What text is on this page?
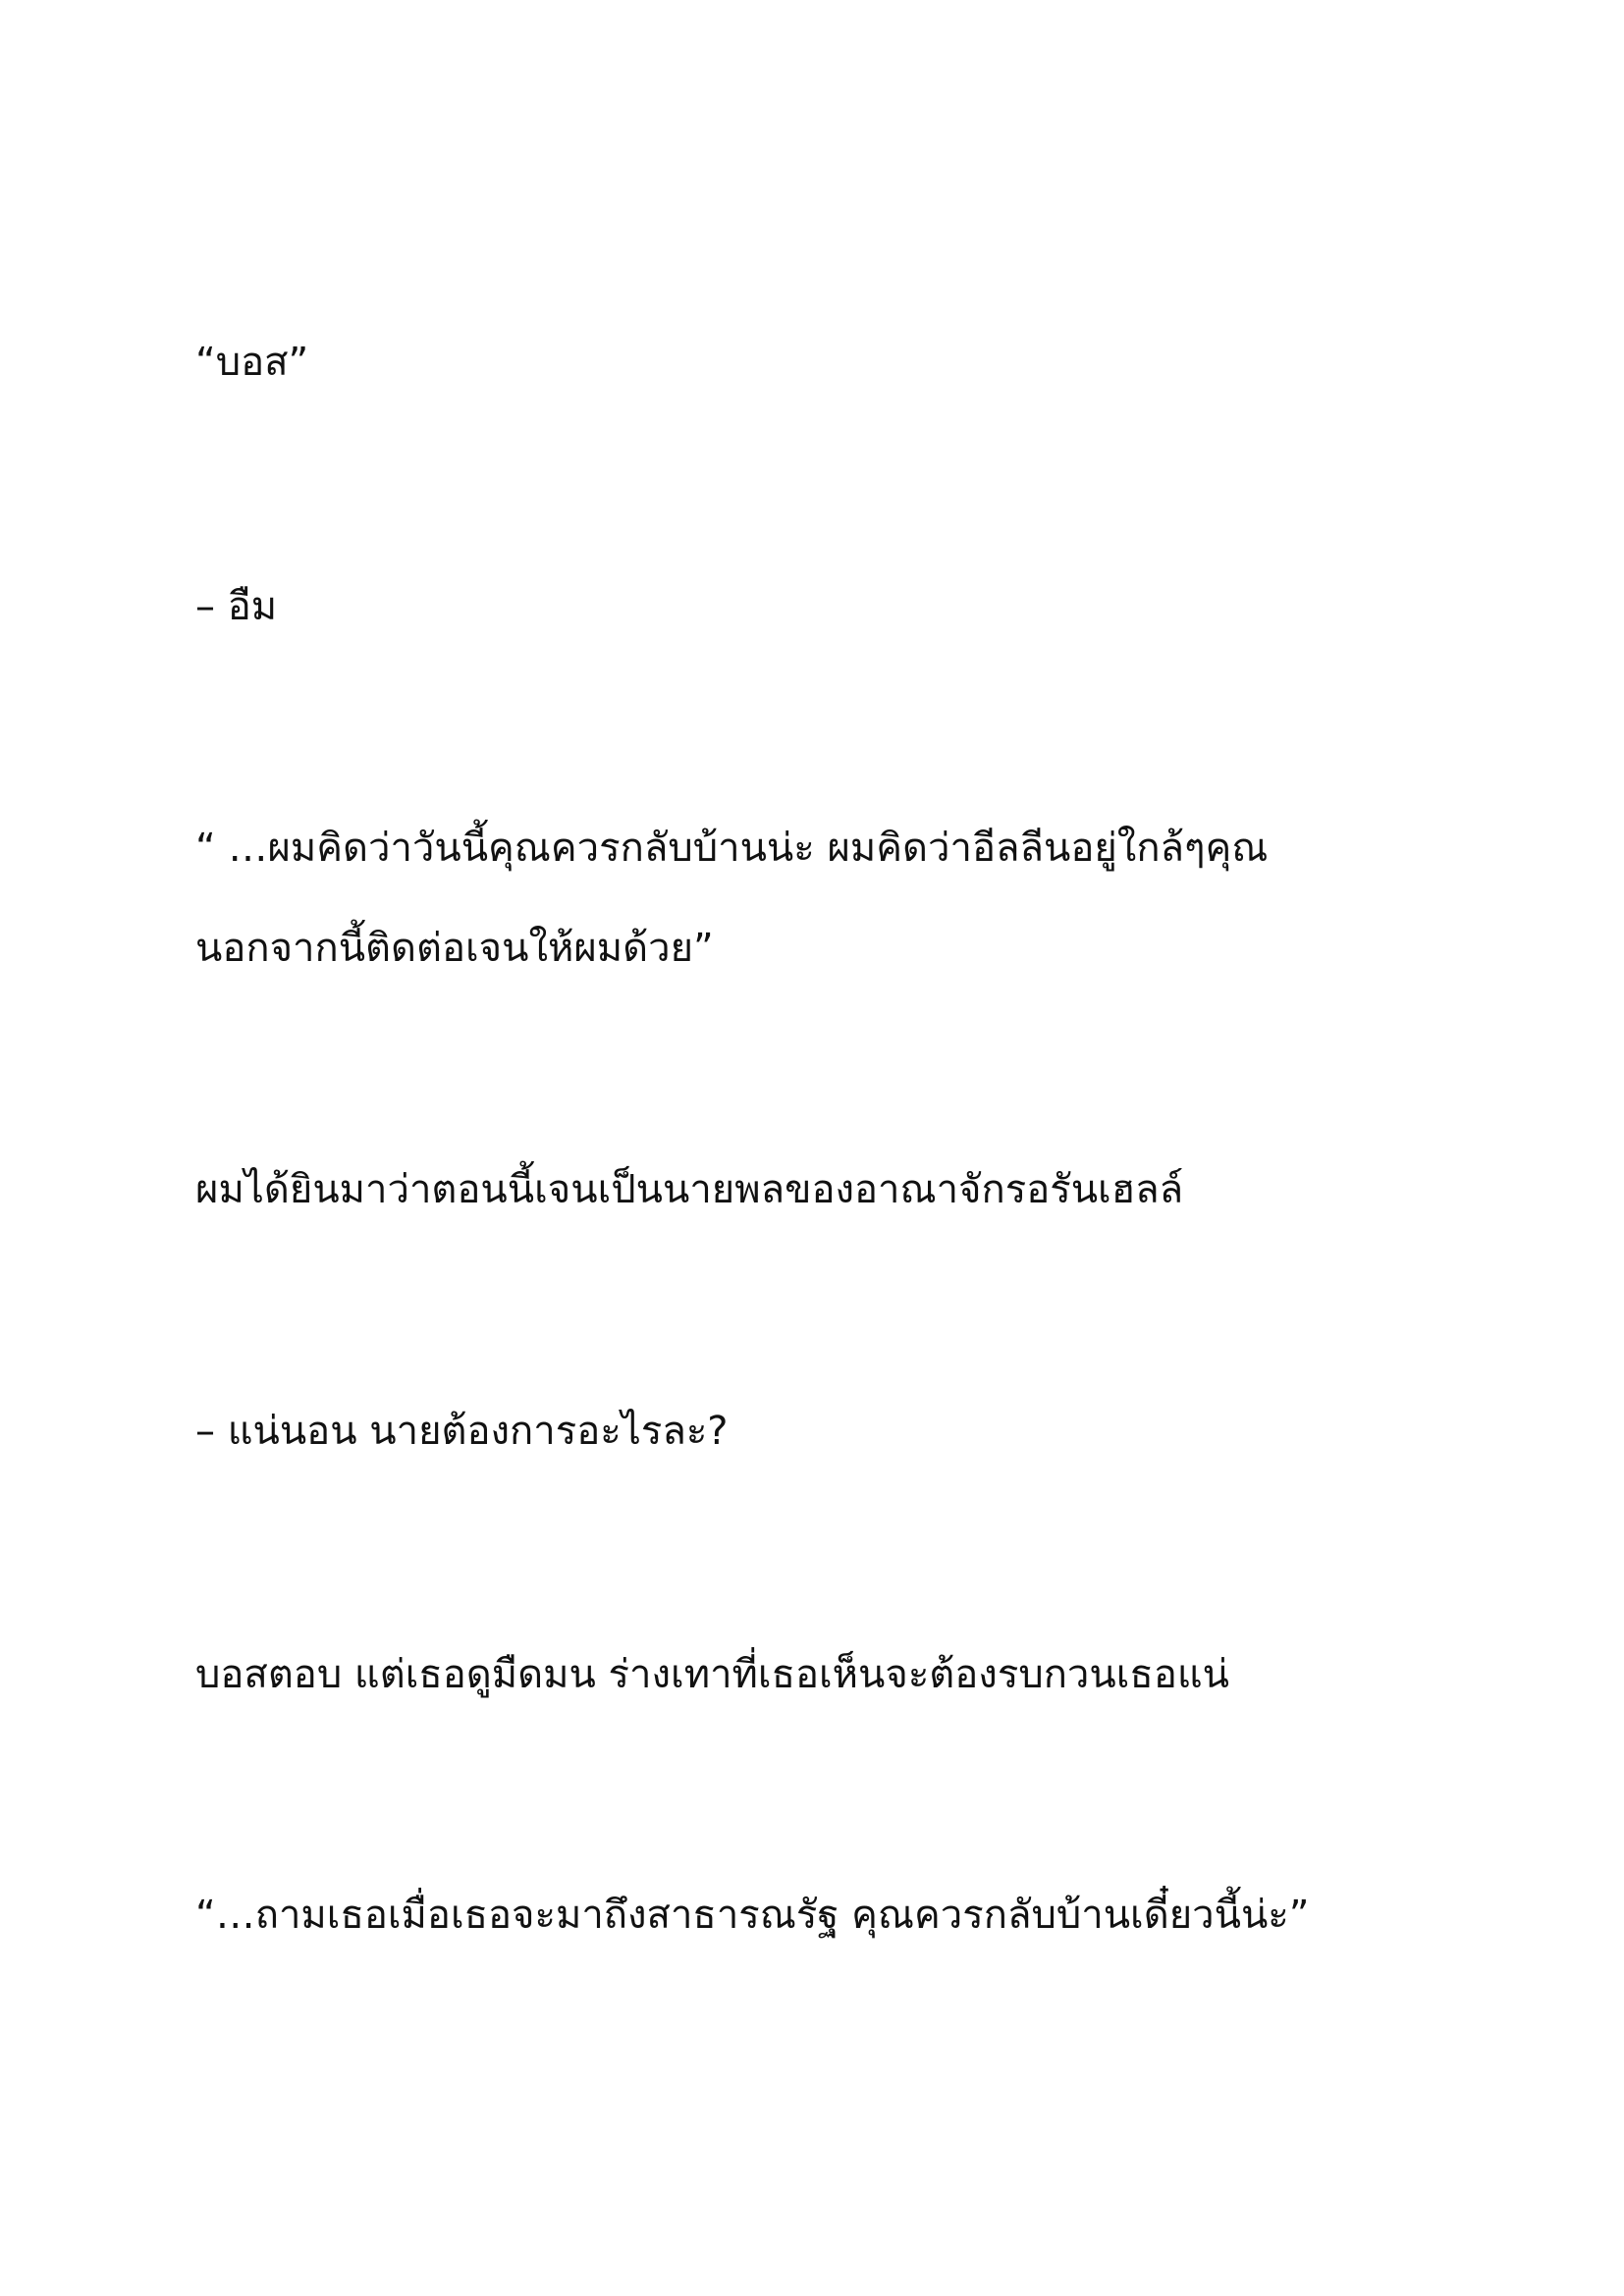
“บอส”

– อืม

“ …ผมคิดว่าวันนี้คุณควรกลับบ้านน่ะ ผมคิดว่าอีลลีนอยู่ใกล้ๆคุณ
นอกจากนี้ติดต่อเจนให้ผมด้วย”

ผมได้ยินมาว่าตอนนี้เจนเป็นนายพลของอาณาจักรอรันเฮลล์

– แน่นอน นายต้องการอะไรละ?

บอสตอบ แต่เธอดูมืดมน ร่างเทาที่เธอเห็นจะต้องรบกวนเธอแน่

“…ถามเธอเมื่อเธอจะมาถึงสาธารณรัฐ คุณควรกลับบ้านเดี๋ยวนี้น่ะ”
